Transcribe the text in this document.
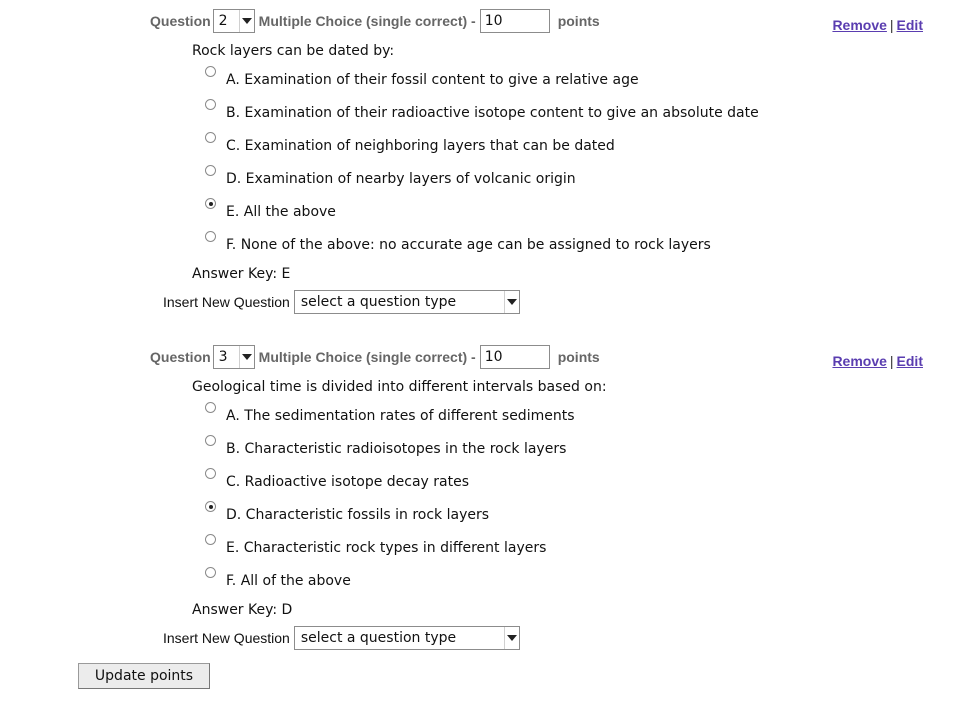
Question 2 Multiple Choice (single correct) -
10	points	Remove | Edit
Rock layers can be dated by:
A. Examination of their fossil content to give a relative age
B. Examination of their radioactive isotope content to give an absolute date
C. Examination of neighboring layers that can be dated
D. Examination of nearby layers of volcanic origin
E. All the above
F. None of the above: no accurate age can be assigned to rock layers
Answer Key: E
Insert New Question select a question type
Question 3 Multiple Choice (single correct) -
10	points	Remove | Edit
Geological time is divided into different intervals based on:
A. The sedimentation rates of different sediments
B. Characteristic radioisotopes in the rock layers
C. Radioactive isotope decay rates
D. Characteristic fossils in rock layers
E. Characteristic rock types in different layers
F. All of the above
Answer Key: D
Insert New Question select a question type
Update points
